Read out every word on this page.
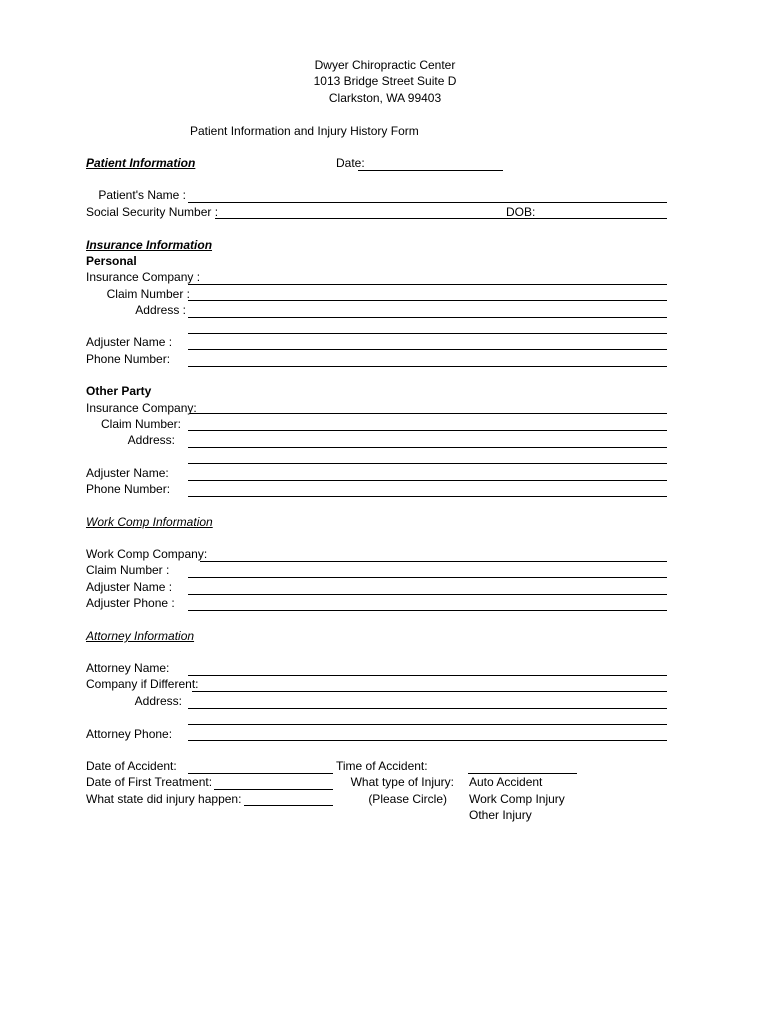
Dwyer Chiropractic Center
1013 Bridge Street Suite D
Clarkston, WA 99403
Patient Information and Injury History Form
Patient Information	Date:
Patient's Name :
Social Security Number :	DOB:
Insurance Information
Personal
Insurance Company :
Claim Number :
Address :
Adjuster Name :
Phone Number:
Other Party
Insurance Company:
Claim Number:
Address:
Adjuster Name:
Phone Number:
Work Comp Information
Work Comp Company:
Claim Number :
Adjuster Name :
Adjuster Phone :
Attorney Information
Attorney Name:
Company if Different:
Address:
Attorney Phone:
Date of Accident:	Time of Accident:
Date of First Treatment:	What type of Injury: Auto Accident
What state did injury happen:	(Please Circle) Work Comp Injury
Other Injury
